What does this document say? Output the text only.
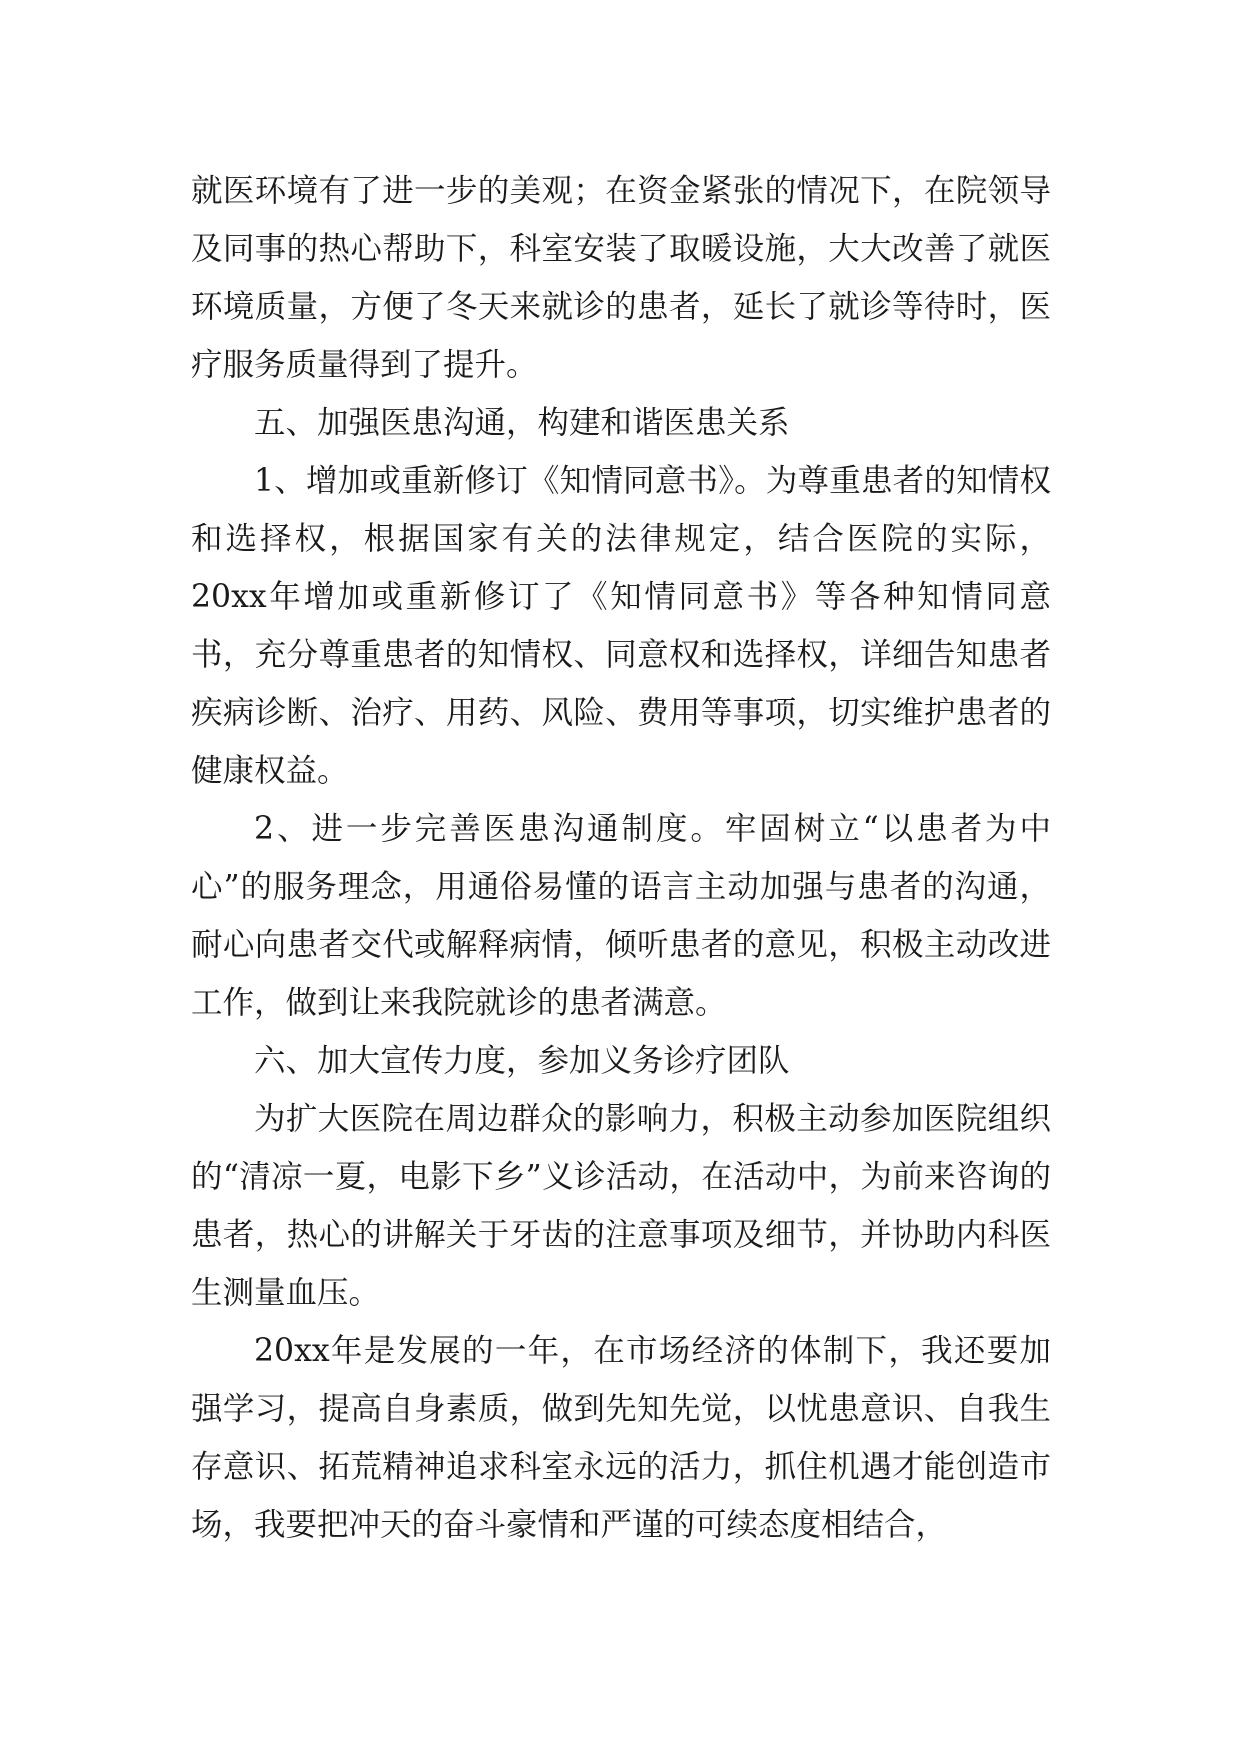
就医环境有了进一步的美观；在资金紧张的情况下，在院领导及同事的热心帮助下，科室安装了取暖设施，大大改善了就医环境质量，方便了冬天来就诊的患者，延长了就诊等待时，医疗服务质量得到了提升。

五、加强医患沟通，构建和谐医患关系

1、增加或重新修订《知情同意书》。为尊重患者的知情权和选择权，根据国家有关的法律规定，结合医院的实际，20xx年增加或重新修订了《知情同意书》等各种知情同意书，充分尊重患者的知情权、同意权和选择权，详细告知患者疾病诊断、治疗、用药、风险、费用等事项，切实维护患者的健康权益。

2、进一步完善医患沟通制度。牢固树立“以患者为中心”的服务理念，用通俗易懂的语言主动加强与患者的沟通，耐心向患者交代或解释病情，倾听患者的意见，积极主动改进工作，做到让来我院就诊的患者满意。

六、加大宣传力度，参加义务诊疗团队

为扩大医院在周边群众的影响力，积极主动参加医院组织的“清凉一夏，电影下乡”义诊活动，在活动中，为前来咨询的患者，热心的讲解关于牙齿的注意事项及细节，并协助内科医生测量血压。

20xx年是发展的一年，在市场经济的体制下，我还要加强学习，提高自身素质，做到先知先觉，以忧患意识、自我生存意识、拓荒精神追求科室永远的活力，抓住机遇才能创造市场，我要把冲天的奋斗豪情和严谨的可续态度相结合，
